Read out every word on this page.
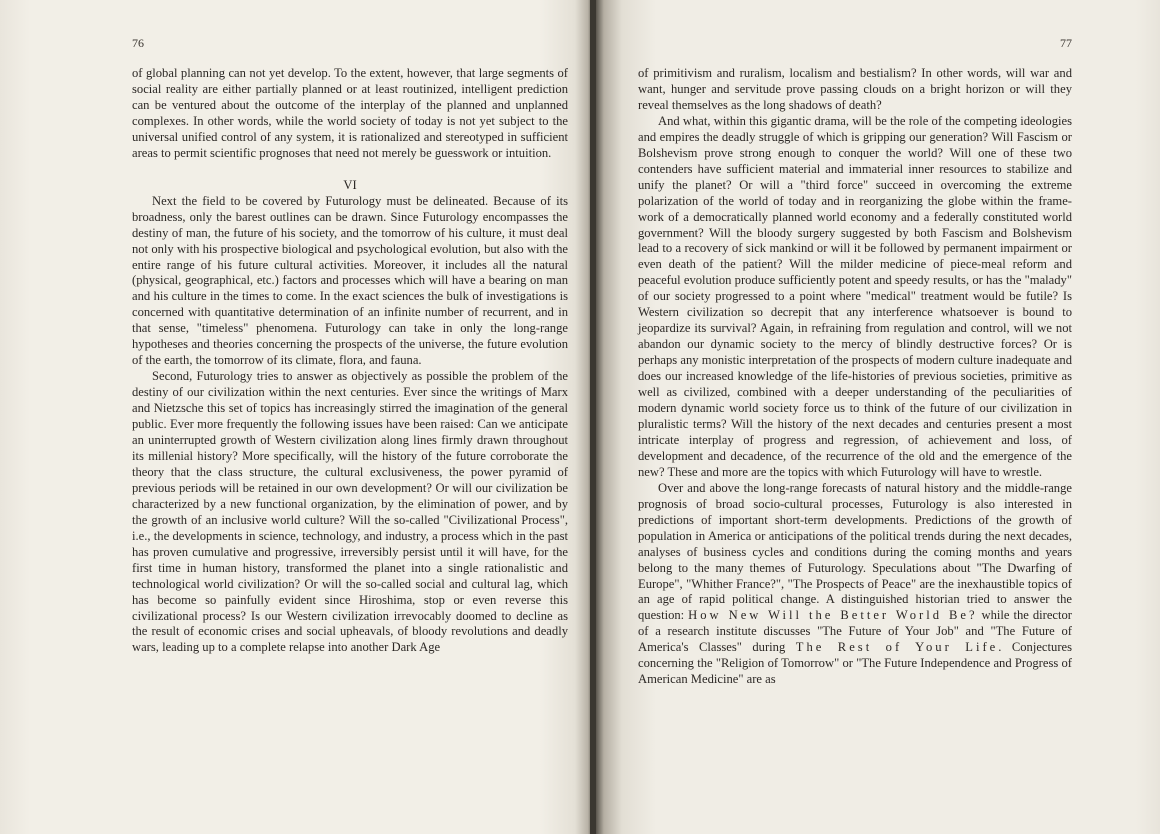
76

of global planning can not yet develop. To the extent, however, that large segments of social reality are either partially planned or at least routinized, intelligent prediction can be ventured about the outcome of the interplay of the planned and unplanned complexes. In other words, while the world society of today is not yet subject to the universal unified control of any system, it is rationalized and stereotyped in sufficient areas to permit scientific prognoses that need not merely be guesswork or intuition.

VI

Next the field to be covered by Futurology must be delineated. Because of its broadness, only the barest outlines can be drawn. Since Futurology encompasses the destiny of man, the future of his society, and the tomorrow of his culture, it must deal not only with his prospective biological and psychological evolution, but also with the entire range of his future cultural activities. Moreover, it includes all the natural (physical, geographical, etc.) factors and processes which will have a bearing on man and his culture in the times to come. In the exact sciences the bulk of investigations is concerned with quantitative determination of an infinite number of recurrent, and in that sense, "timeless" phenomena. Futurology can take in only the long-range hypotheses and theories concerning the prospects of the universe, the future evolution of the earth, the tomorrow of its climate, flora, and fauna.

Second, Futurology tries to answer as objectively as possible the problem of the destiny of our civilization within the next centuries. Ever since the writings of Marx and Nietzsche this set of topics has increasingly stirred the imagination of the general public. Ever more frequently the following issues have been raised: Can we anticipate an uninterrupted growth of Western civilization along lines firmly drawn throughout its millenial history? More specifically, will the history of the future corroborate the theory that the class structure, the cultural exclusiveness, the power pyramid of previous periods will be retained in our own development? Or will our civilization be characterized by a new functional organization, by the elimination of power, and by the growth of an inclusive world culture? Will the so-called "Civilizational Process", i.e., the developments in science, technology, and industry, a process which in the past has proven cumulative and progressive, irreversibly persist until it will have, for the first time in human history, transformed the planet into a single rationalistic and technological world civilization? Or will the so-called social and cultural lag, which has become so painfully evident since Hiroshima, stop or even reverse this civilizational process? Is our Western civilization irrevocably doomed to decline as the result of economic crises and social upheavals, of bloody revolutions and deadly wars, leading up to a complete relapse into another Dark Age

77

of primitivism and ruralism, localism and bestialism? In other words, will war and want, hunger and servitude prove passing clouds on a bright horizon or will they reveal themselves as the long shadows of death?

And what, within this gigantic drama, will be the role of the competing ideologies and empires the deadly struggle of which is gripping our generation? Will Fascism or Bolshevism prove strong enough to conquer the world? Will one of these two contenders have sufficient material and immaterial inner resources to stabilize and unify the planet? Or will a "third force" succeed in overcoming the extreme polarization of the world of today and in reorganizing the globe within the frame-work of a democratically planned world economy and a federally constituted world government? Will the bloody surgery suggested by both Fascism and Bolshevism lead to a recovery of sick mankind or will it be followed by permanent impairment or even death of the patient? Will the milder medicine of piece-meal reform and peaceful evolution produce sufficiently potent and speedy results, or has the "malady" of our society progressed to a point where "medical" treatment would be futile? Is Western civilization so decrepit that any interference whatsoever is bound to jeopardize its survival? Again, in refraining from regulation and control, will we not abandon our dynamic society to the mercy of blindly destructive forces? Or is perhaps any monistic interpretation of the prospects of modern culture inadequate and does our increased knowledge of the life-histories of previous societies, primitive as well as civilized, combined with a deeper understanding of the peculiarities of modern dynamic world society force us to think of the future of our civilization in pluralistic terms? Will the history of the next decades and centuries present a most intricate interplay of progress and regression, of achievement and loss, of development and decadence, of the recurrence of the old and the emergence of the new? These and more are the topics with which Futurology will have to wrestle.

Over and above the long-range forecasts of natural history and the middle-range prognosis of broad socio-cultural processes, Futurology is also interested in predictions of important short-term developments. Predictions of the growth of population in America or anticipations of the political trends during the next decades, analyses of business cycles and conditions during the coming months and years belong to the many themes of Futurology. Speculations about "The Dwarfing of Europe", "Whither France?", "The Prospects of Peace" are the inexhaustible topics of an age of rapid political change. A distinguished historian tried to answer the question: How New Will the Better World Be? while the director of a research institute discusses "The Future of Your Job" and "The Future of America's Classes" during The Rest of Your Life. Conjectures concerning the "Religion of Tomorrow" or "The Future Independence and Progress of American Medicine" are as
